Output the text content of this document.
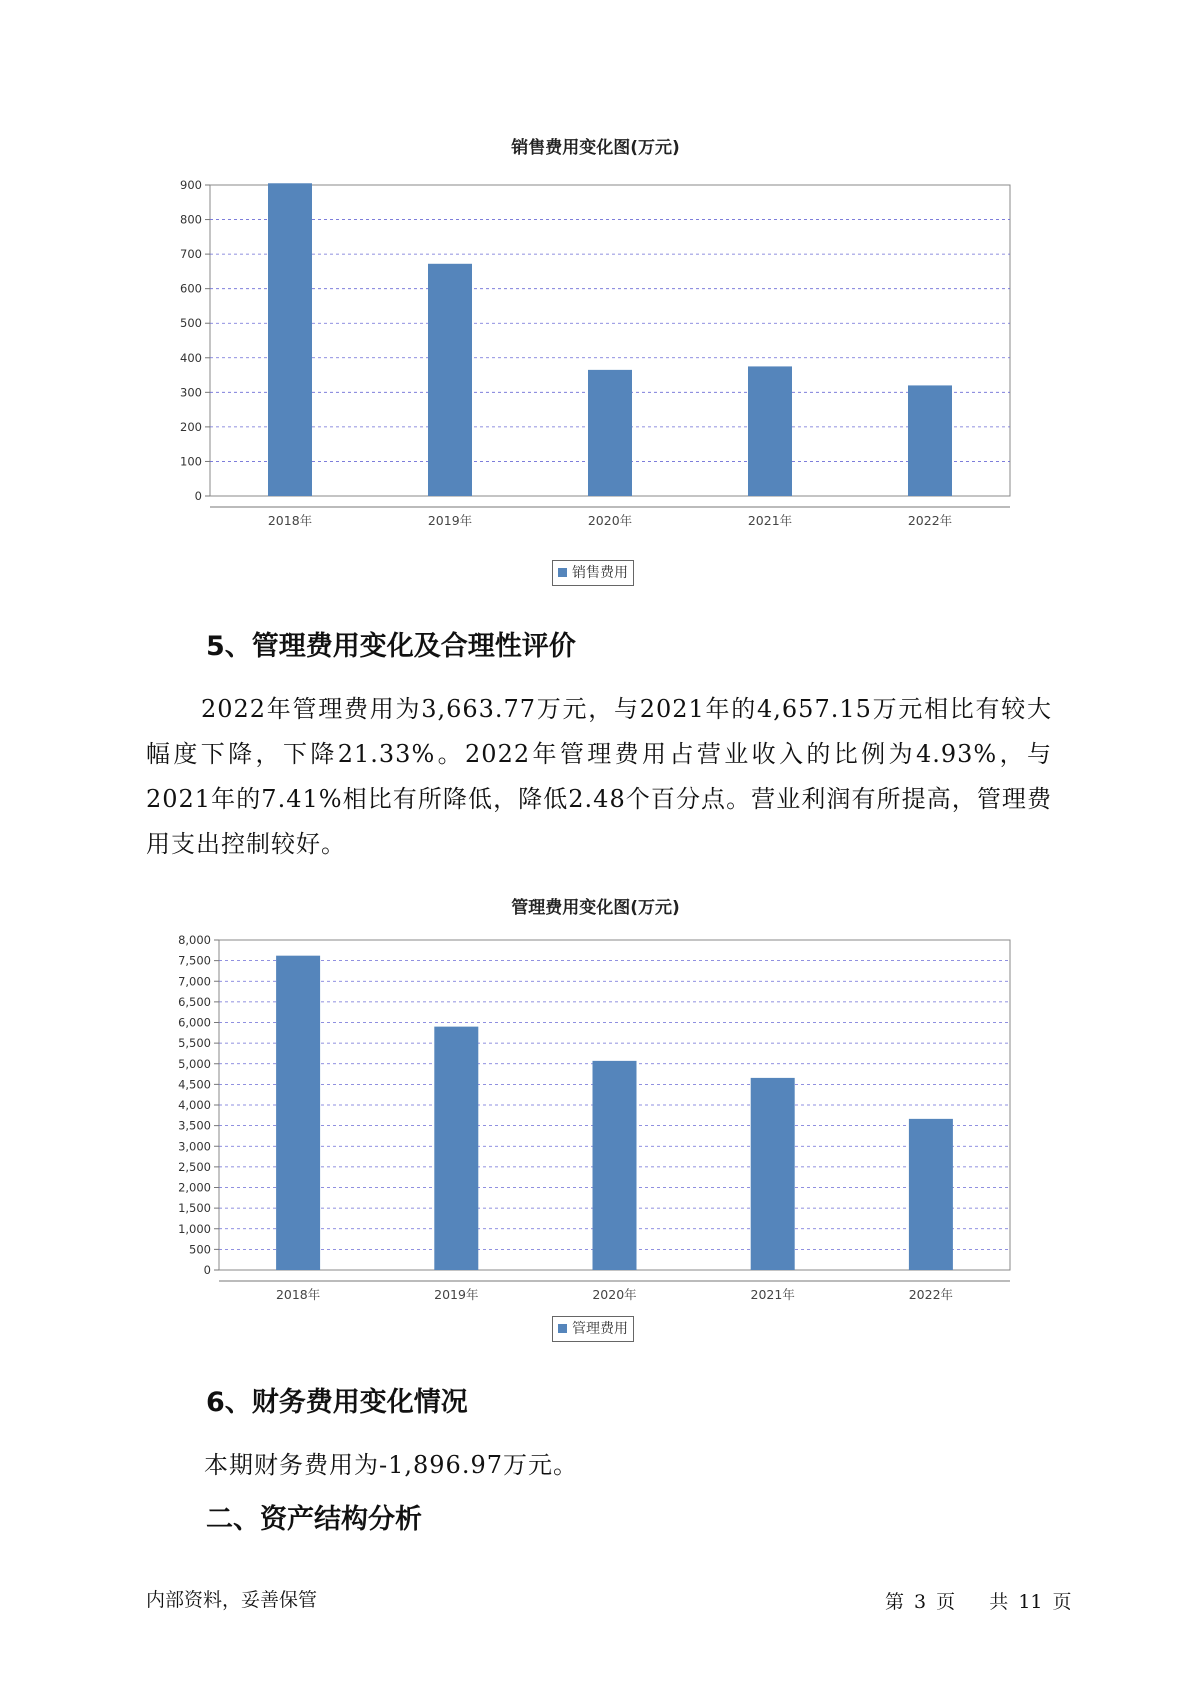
销售费用变化图(万元)
0
100
200
300
400
500
600
700
800
900
2018年	2019年	2020年	2021年	2022年
销售费用
5、管理费用变化及合理性评价

2022年管理费用为3,663.77万元，与2021年的4,657.15万元相比有较大幅度下降，下降21.33%。2022年管理费用占营业收入的比例为4.93%，与2021年的7.41%相比有所降低，降低2.48个百分点。营业利润有所提高，管理费用支出控制较好。

管理费用变化图(万元)
0
500
1,000
1,500
2,000
2,500
3,000
3,500
4,000
4,500
5,000
5,500
6,000
6,500
7,000
7,500
8,000
2018年	2019年	2020年	2021年	2022年
管理费用
6、财务费用变化情况
本期财务费用为-1,896.97万元。
二、资产结构分析
内部资料，妥善保管	第 3 页 共 11 页
